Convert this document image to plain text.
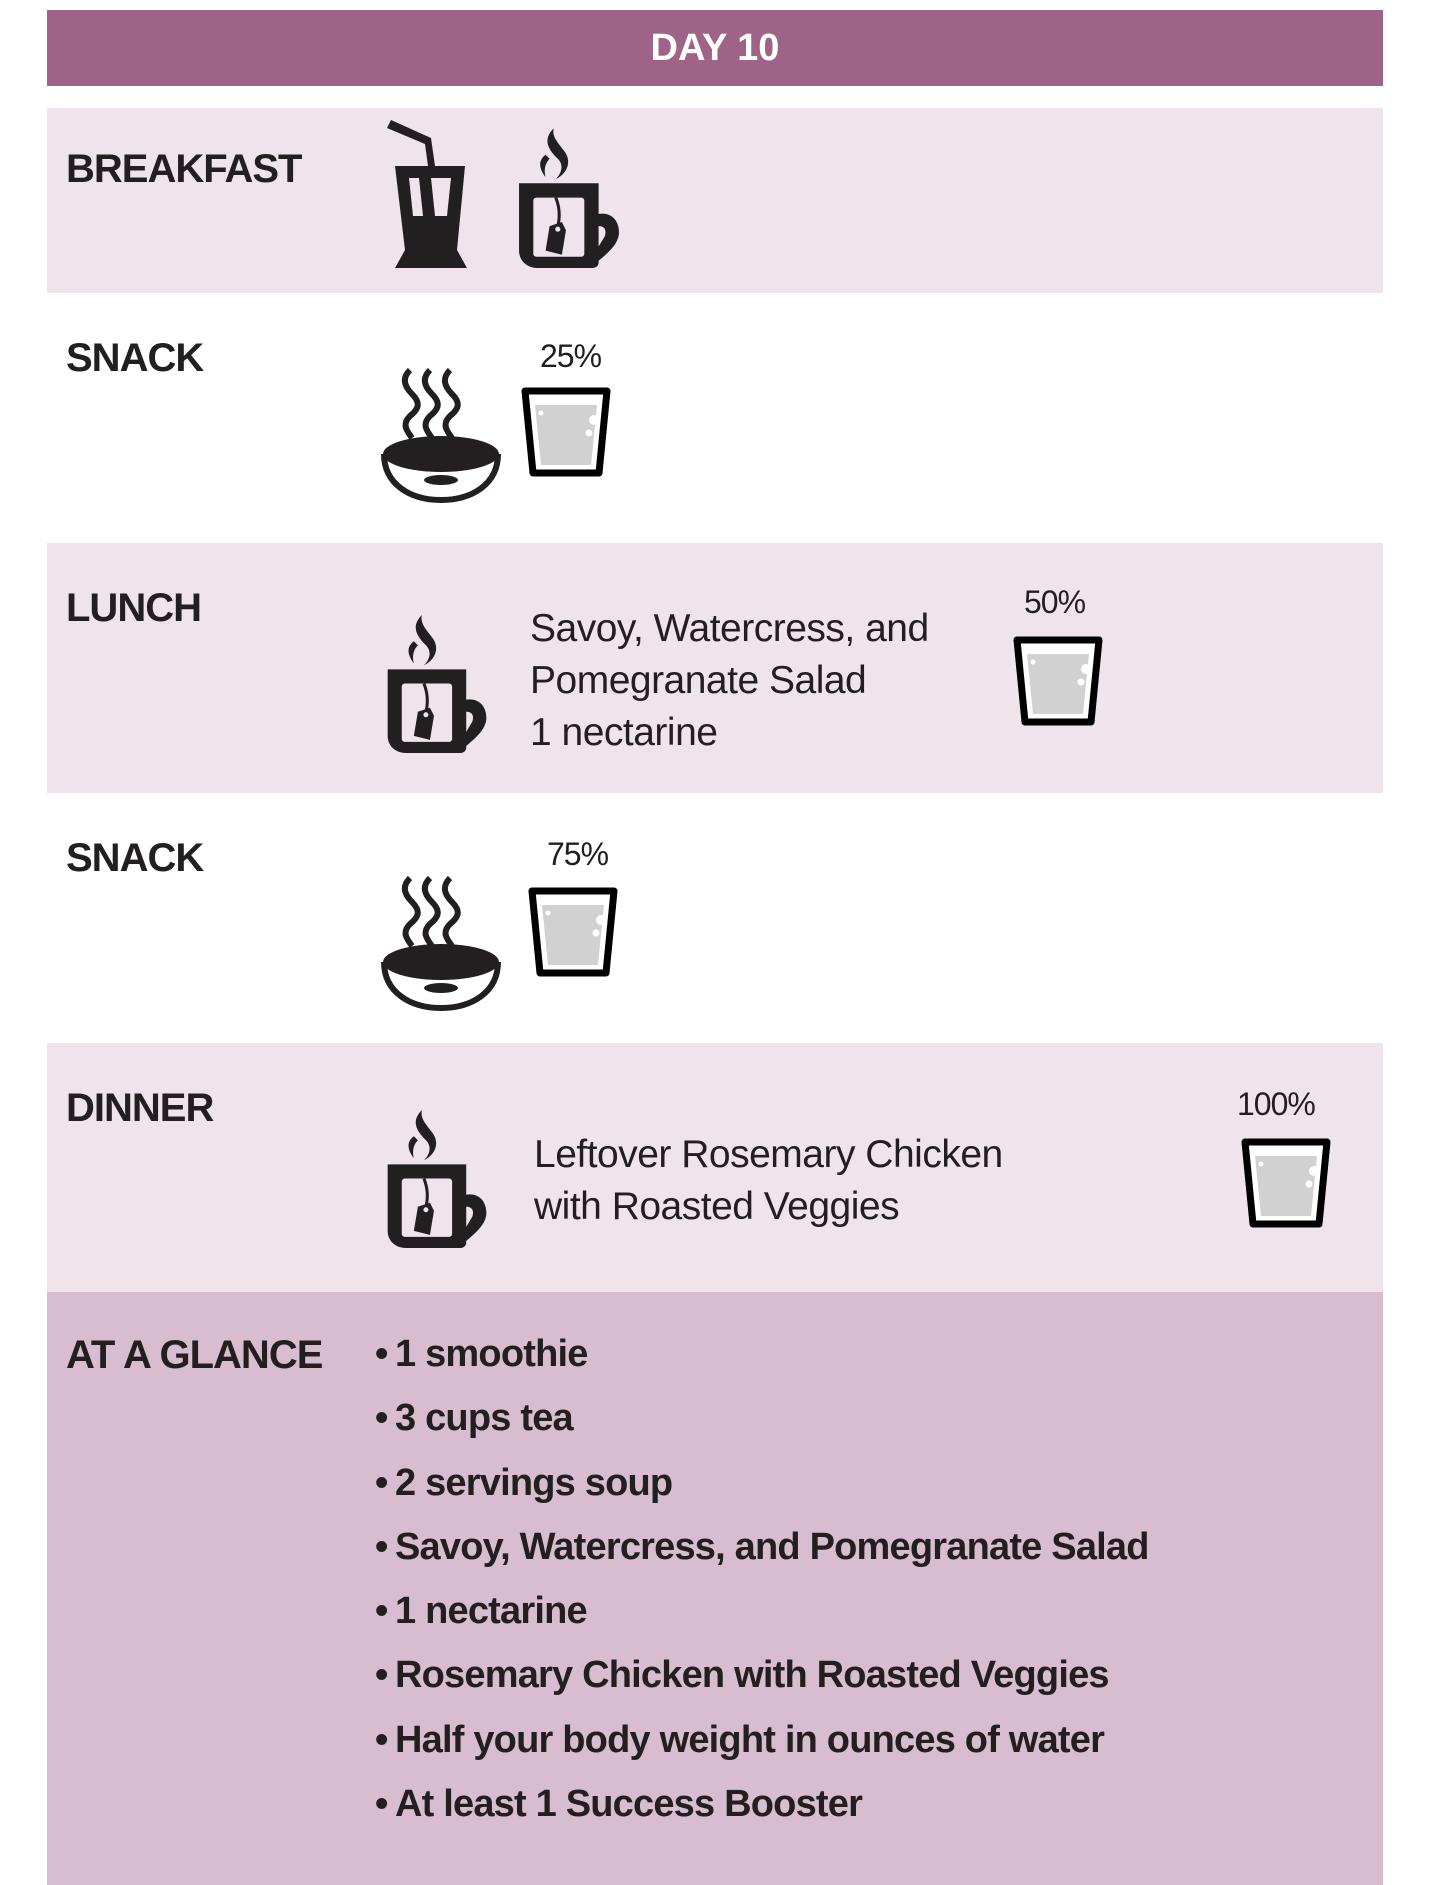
DAY 10
BREAKFAST
SNACK	25%
LUNCH	Savoy, Watercress, and
Pomegranate Salad
1 nectarine
50%
SNACK	75%
DINNER
Leftover Rosemary Chicken
with Roasted Veggies
100%
AT A GLANCE • 1 smoothie
• 3 cups tea
• 2 servings soup
• Savoy, Watercress, and Pomegranate Salad
• 1 nectarine
• Rosemary Chicken with Roasted Veggies
• Half your body weight in ounces of water
• At least 1 Success Booster
